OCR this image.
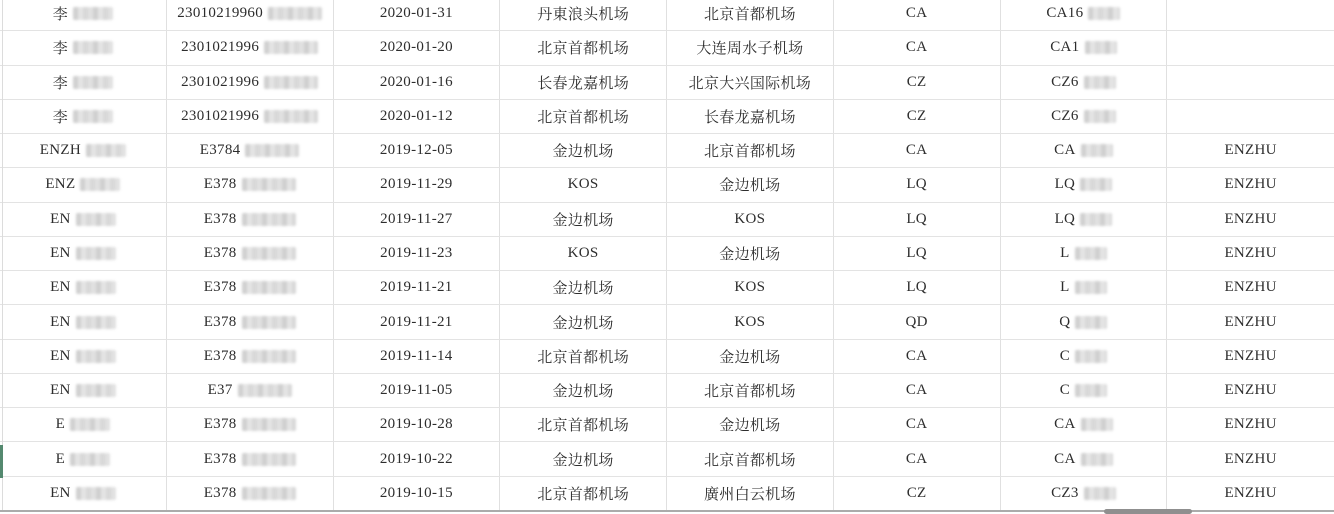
李	23010219960	2020-01-31	丹東浪头机场	北京首都机场	CA	CA16
李	2301021996	2020-01-20	北京首都机场	大连周水子机场	CA	CA1
李	2301021996	2020-01-16	长春龙嘉机场	北京大兴国际机场	CZ	CZ6
李	2301021996	2020-01-12	北京首都机场	长春龙嘉机场	CZ	CZ6
ENZH	E3784	2019-12-05	金边机场	北京首都机场	CA	CA	ENZHU
ENZ	E378	2019-11-29	KOS	金边机场	LQ	LQ	ENZHU
EN	E378	2019-11-27	金边机场	KOS	LQ	LQ	ENZHU
EN	E378	2019-11-23	KOS	金边机场	LQ	L	ENZHU
EN	E378	2019-11-21	金边机场	KOS	LQ	L	ENZHU
EN	E378	2019-11-21	金边机场	KOS	QD	Q	ENZHU
EN	E378	2019-11-14	北京首都机场	金边机场	CA	C	ENZHU
EN	E37	2019-11-05	金边机场	北京首都机场	CA	C	ENZHU
E	E378	2019-10-28	北京首都机场	金边机场	CA	CA	ENZHU
E	E378	2019-10-22	金边机场	北京首都机场	CA	CA	ENZHU
EN	E378	2019-10-15	北京首都机场	廣州白云机场	CZ	CZ3	ENZHU
